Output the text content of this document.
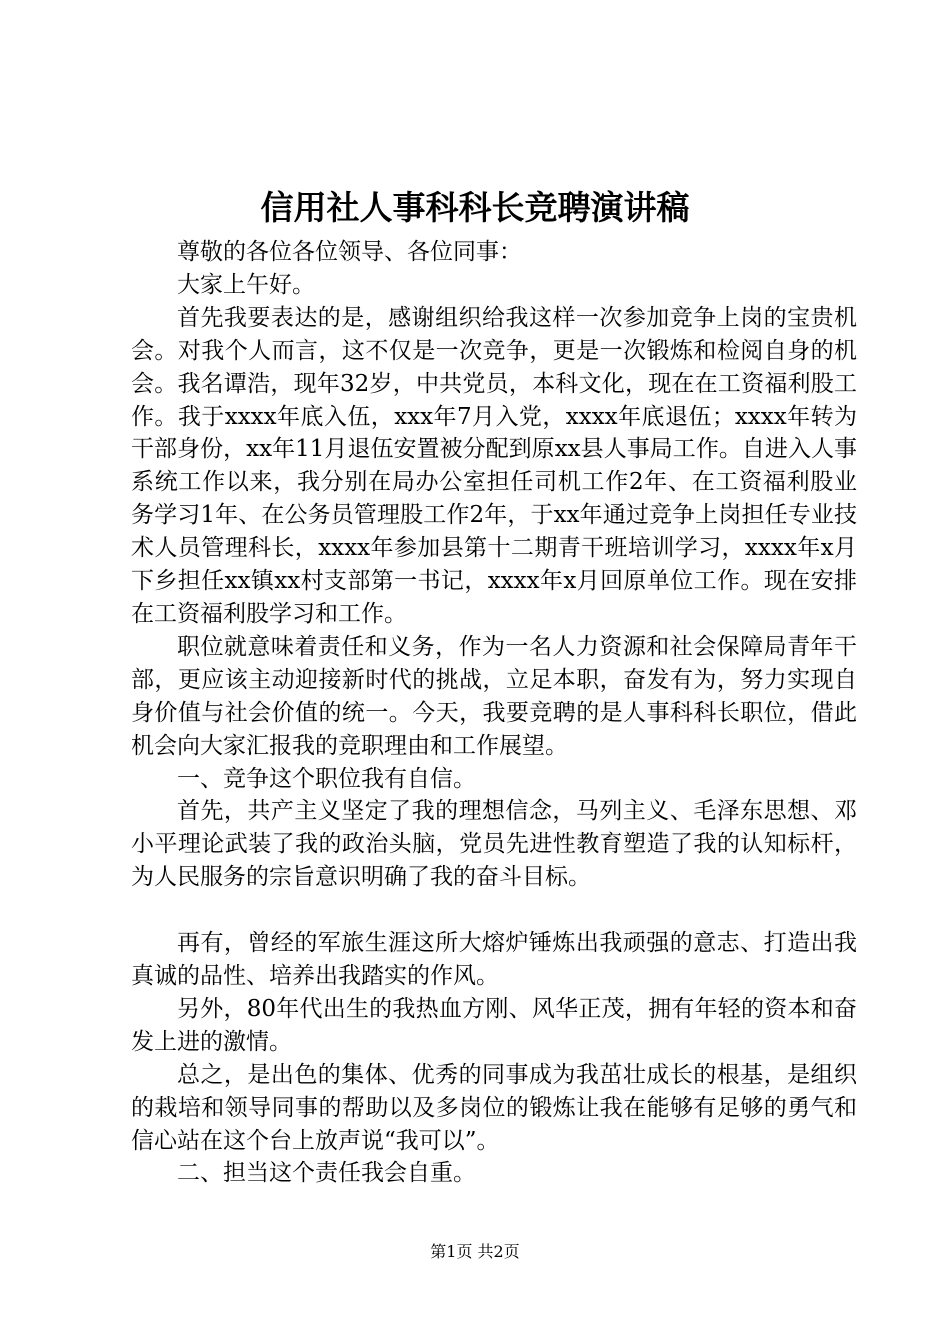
信用社人事科科长竞聘演讲稿

尊敬的各位各位领导、各位同事：

大家上午好。

首先我要表达的是，感谢组织给我这样一次参加竞争上岗的宝贵机会。对我个人而言，这不仅是一次竞争，更是一次锻炼和检阅自身的机会。我名谭浩，现年32岁，中共党员，本科文化，现在在工资福利股工作。我于xxxx年底入伍，xxx年7月入党，xxxx年底退伍；xxxx年转为干部身份，xx年11月退伍安置被分配到原xx县人事局工作。自进入人事系统工作以来，我分别在局办公室担任司机工作2年、在工资福利股业务学习1年、在公务员管理股工作2年，于xx年通过竞争上岗担任专业技术人员管理科长，xxxx年参加县第十二期青干班培训学习，xxxx年x月下乡担任xx镇xx村支部第一书记，xxxx年x月回原单位工作。现在安排在工资福利股学习和工作。

职位就意味着责任和义务，作为一名人力资源和社会保障局青年干部，更应该主动迎接新时代的挑战，立足本职，奋发有为，努力实现自身价值与社会价值的统一。今天，我要竞聘的是人事科科长职位，借此机会向大家汇报我的竞职理由和工作展望。

一、竞争这个职位我有自信。

首先，共产主义坚定了我的理想信念，马列主义、毛泽东思想、邓小平理论武装了我的政治头脑，党员先进性教育塑造了我的认知标杆，为人民服务的宗旨意识明确了我的奋斗目标。

再有，曾经的军旅生涯这所大熔炉锤炼出我顽强的意志、打造出我真诚的品性、培养出我踏实的作风。

另外，80年代出生的我热血方刚、风华正茂，拥有年轻的资本和奋发上进的激情。

总之，是出色的集体、优秀的同事成为我茁壮成长的根基，是组织的栽培和领导同事的帮助以及多岗位的锻炼让我在能够有足够的勇气和信心站在这个台上放声说“我可以”。

二、担当这个责任我会自重。

第1页 共2页
